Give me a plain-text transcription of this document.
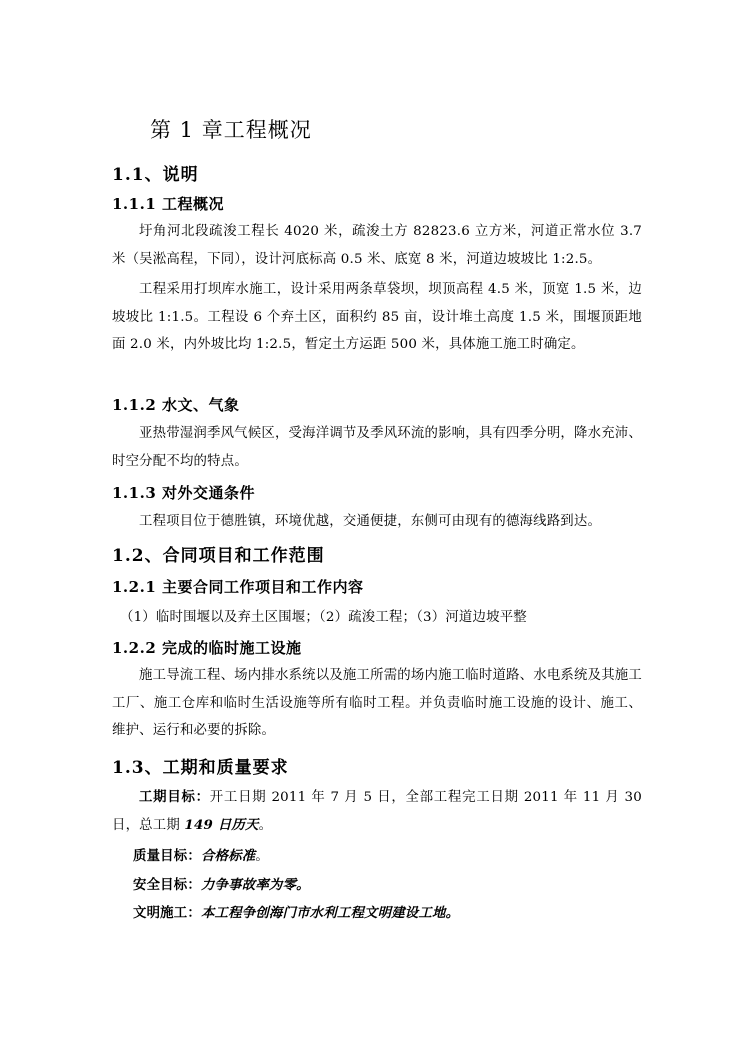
第 1 章工程概况
1.1、说明
1.1.1 工程概况
圩角河北段疏浚工程长 4020 米，疏浚土方 82823.6 立方米，河道正常水位 3.7 米（吴淞高程，下同），设计河底标高 0.5 米、底宽 8 米，河道边坡坡比 1:2.5。
工程采用打坝库水施工，设计采用两条草袋坝，坝顶高程 4.5 米，顶宽 1.5 米，边坡坡比 1:1.5。工程设 6 个弃土区，面积约 85 亩，设计堆土高度 1.5 米，围堰顶距地面 2.0 米，内外坡比均 1:2.5，暂定土方运距 500 米，具体施工施工时确定。
1.1.2 水文、气象
亚热带湿润季风气候区，受海洋调节及季风环流的影响，具有四季分明，降水充沛、时空分配不均的特点。
1.1.3 对外交通条件
工程项目位于德胜镇，环境优越，交通便捷，东侧可由现有的德海线路到达。
1.2、合同项目和工作范围
1.2.1 主要合同工作项目和工作内容
（1）临时围堰以及弃土区围堰；（2）疏浚工程；（3）河道边坡平整
1.2.2 完成的临时施工设施
施工导流工程、场内排水系统以及施工所需的场内施工临时道路、水电系统及其施工工厂、施工仓库和临时生活设施等所有临时工程。并负责临时施工设施的设计、施工、维护、运行和必要的拆除。
1.3、工期和质量要求
工期目标：开工日期 2011 年 7 月 5 日，全部工程完工日期 2011 年 11 月 30 日，总工期 149 日历天。
质量目标：合格标准。
安全目标：力争事故率为零。
文明施工：本工程争创海门市水利工程文明建设工地。
